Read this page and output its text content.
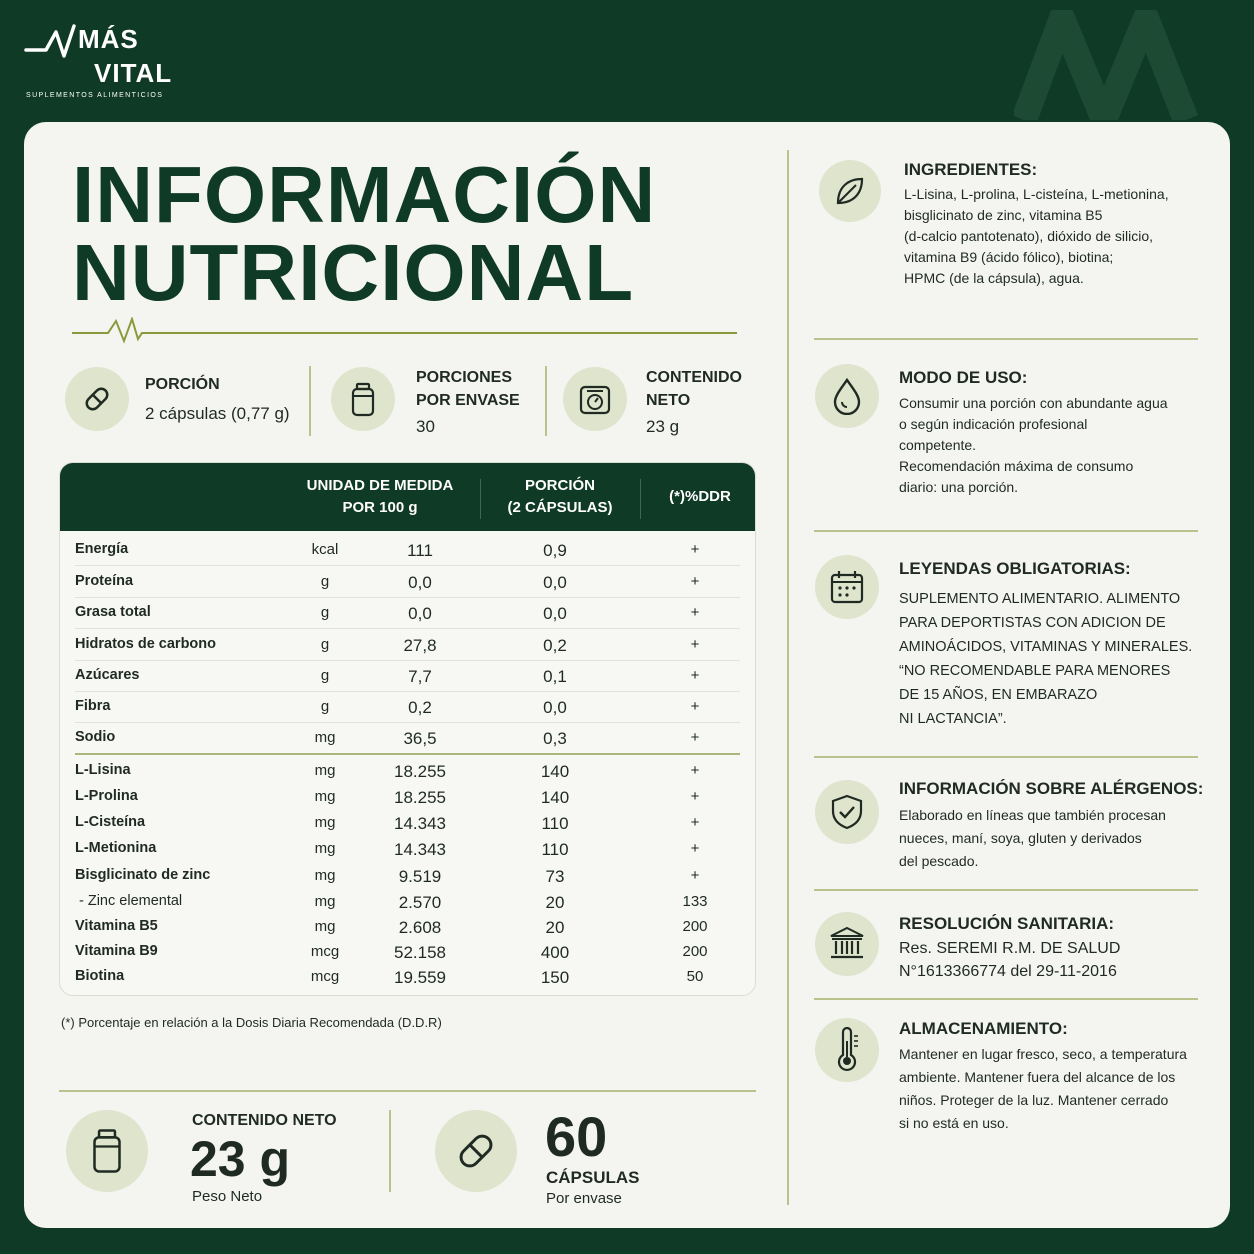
MÁS
VITAL
SUPLEMENTOS ALIMENTICIOS
INFORMACIÓN
NUTRICIONAL
PORCIÓN
2 cápsulas (0,77 g)
PORCIONES
POR ENVASE
30
CONTENIDO
NETO
23 g
UNIDAD DE MEDIDA
POR 100 g
PORCIÓN
(2 CÁPSULAS)
(*)%DDR
Energía	kcal	111	0,9	+
Proteína	g	0,0	0,0	+
Grasa total	g	0,0	0,0	+
Hidratos de carbono	g	27,8	0,2	+
Azúcares	g	7,7	0,1	+
Fibra	g	0,2	0,0	+
Sodio	mg	36,5	0,3	+
L-Lisina	mg	18.255	140	+
L-Prolina	mg	18.255	140	+
L-Cisteína	mg	14.343	110	+
L-Metionina	mg	14.343	110	+
Bisglicinato de zinc	mg	9.519	73	+
- Zinc elemental	mg	2.570	20	133
Vitamina B5	mg	2.608	20	200
Vitamina B9	mcg	52.158	400	200
Biotina	mcg	19.559	150	50
(*) Porcentaje en relación a la Dosis Diaria Recomendada (D.D.R)
CONTENIDO NETO
23 g
Peso Neto
60
CÁPSULAS
Por envase
INGREDIENTES:
L-Lisina, L-prolina, L-cisteína, L-metionina,
bisglicinato de zinc, vitamina B5
(d-calcio pantotenato), dióxido de silicio,
vitamina B9 (ácido fólico), biotina;
HPMC (de la cápsula), agua.
MODO DE USO:
Consumir una porción con abundante agua
o según indicación profesional
competente.
Recomendación máxima de consumo
diario: una porción.
LEYENDAS OBLIGATORIAS:
SUPLEMENTO ALIMENTARIO. ALIMENTO
PARA DEPORTISTAS CON ADICION DE
AMINOÁCIDOS, VITAMINAS Y MINERALES.
“NO RECOMENDABLE PARA MENORES
DE 15 AÑOS, EN EMBARAZO
NI LACTANCIA”.
INFORMACIÓN SOBRE ALÉRGENOS:
Elaborado en líneas que también procesan
nueces, maní, soya, gluten y derivados
del pescado.
RESOLUCIÓN SANITARIA:
Res. SEREMI R.M. DE SALUD
N°1613366774 del 29-11-2016
ALMACENAMIENTO:
Mantener en lugar fresco, seco, a temperatura
ambiente. Mantener fuera del alcance de los
niños. Proteger de la luz. Mantener cerrado
si no está en uso.
